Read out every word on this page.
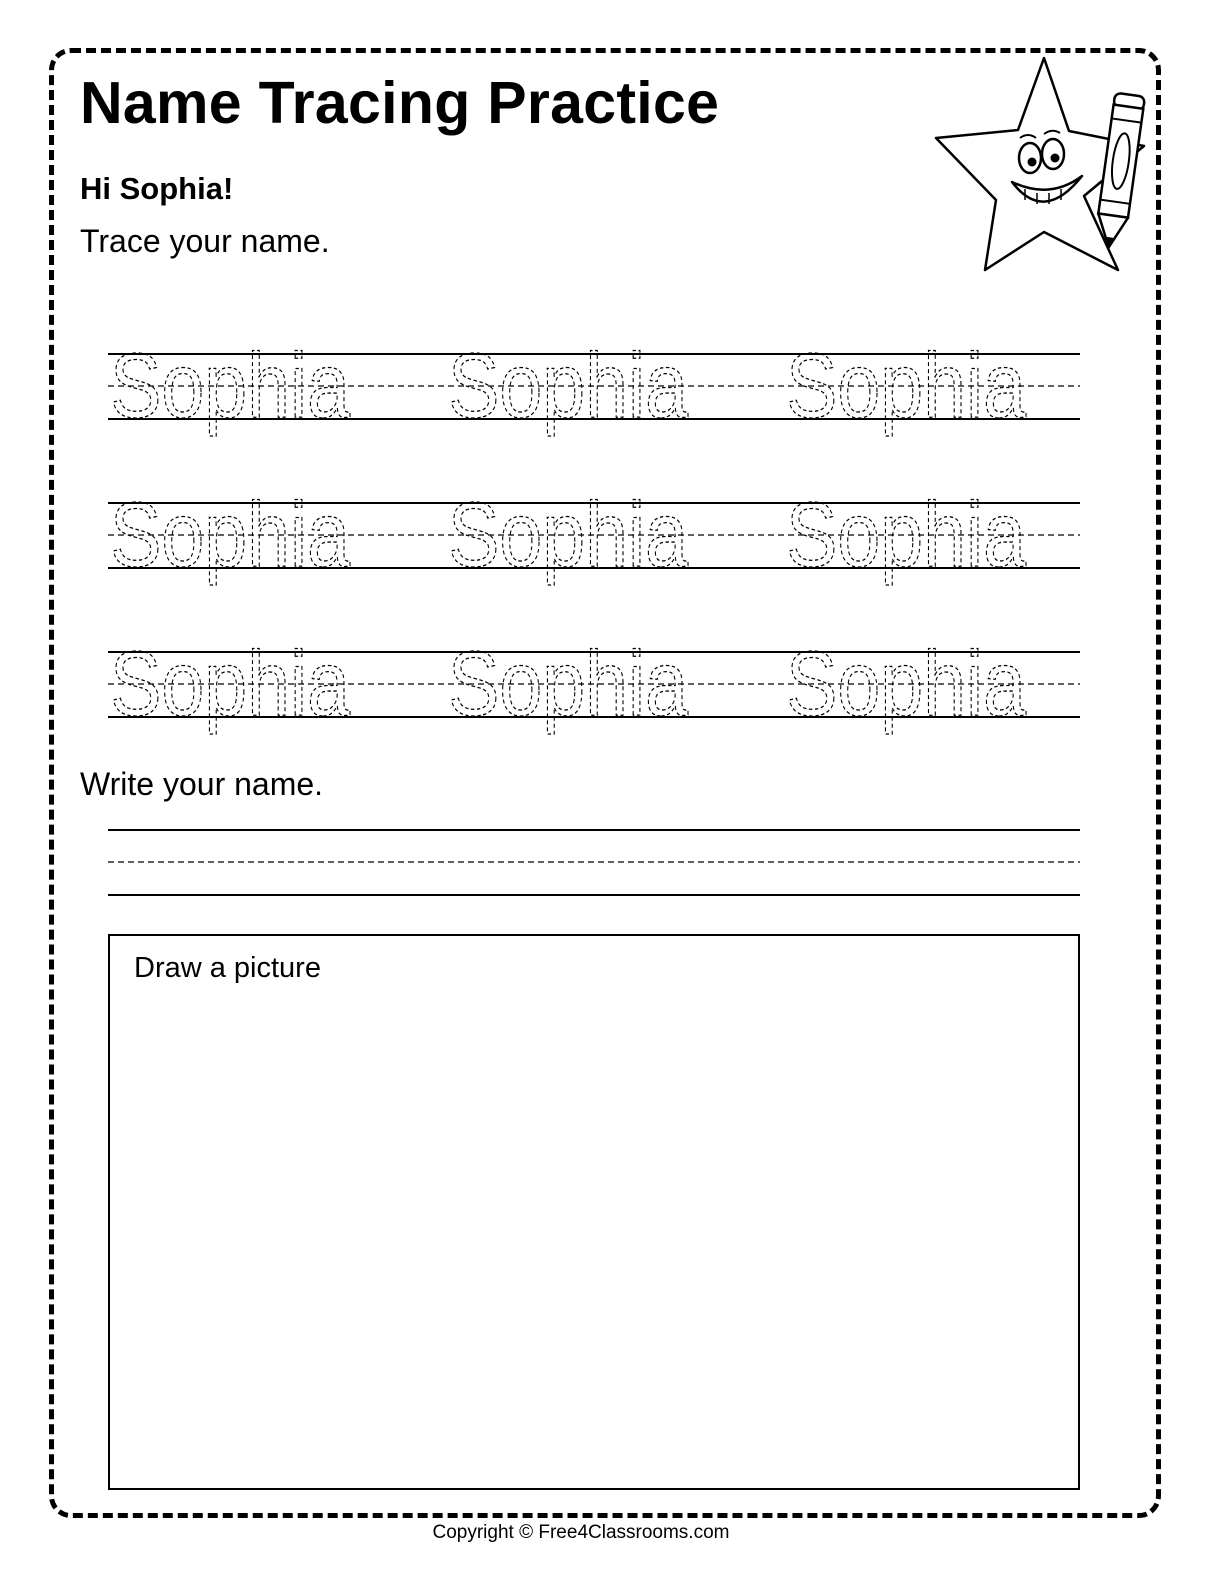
Name Tracing Practice
Hi Sophia!
Trace your name.
Sophia Sophia Sophia
Sophia Sophia Sophia
Sophia Sophia Sophia
Write your name.
Draw a picture
Copyright © Free4Classrooms.com
